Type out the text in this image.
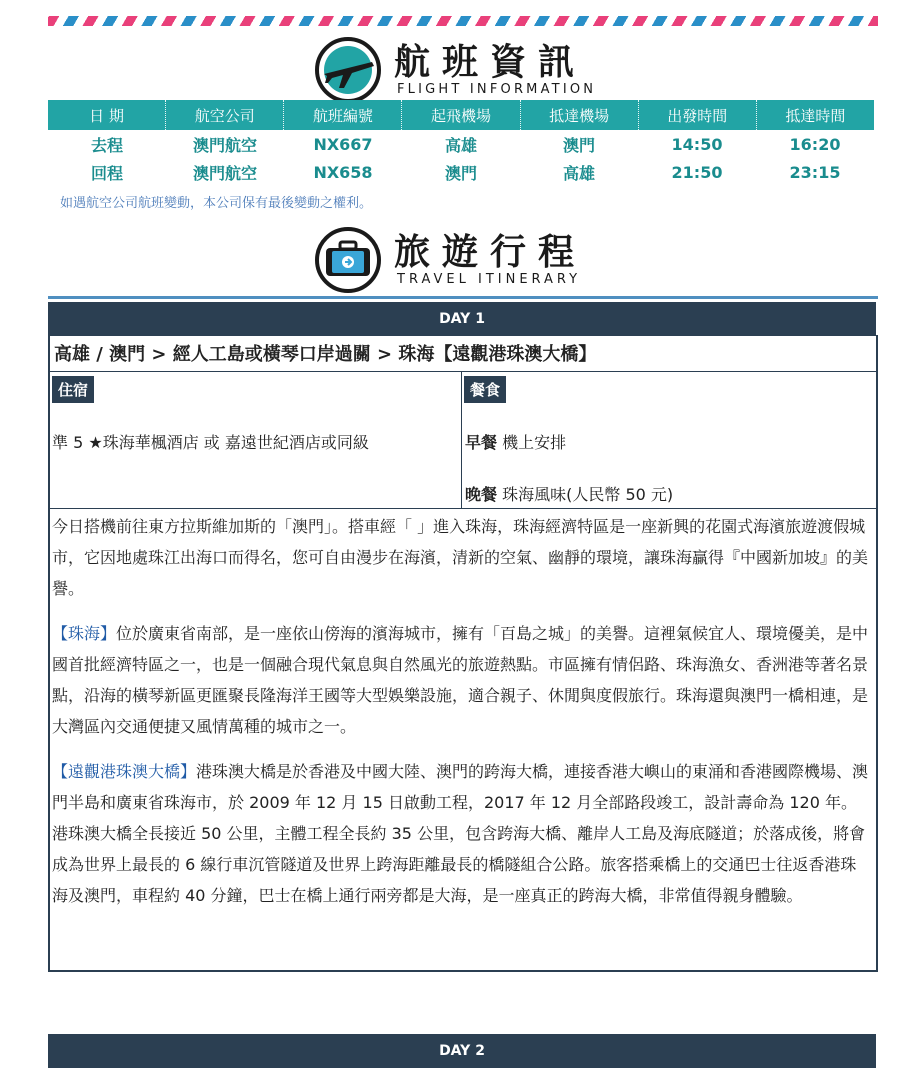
航班資訊
FLIGHT INFORMATION
日 期	航空公司	航班編號	起飛機場	抵達機場	出發時間	抵達時間
去程	澳門航空	NX667	高雄	澳門	14:50	16:20
回程	澳門航空	NX658	澳門	高雄	21:50	23:15
如遇航空公司航班變動，本公司保有最後變動之權利。
旅遊行程
TRAVEL ITINERARY
DAY 1
高雄 / 澳門 > 經人工島或橫琴口岸過關 > 珠海【遠觀港珠澳大橋】
住宿
準 5 ★珠海華楓酒店 或 嘉遠世紀酒店或同級
餐食
早餐 機上安排
晚餐 珠海風味(人民幣 50 元)

今日搭機前往東方拉斯維加斯的「澳門」。搭車經「 」進入珠海，珠海經濟特區是一座新興的花園式海濱旅遊渡假城市，它因地處珠江出海口而得名，您可自由漫步在海濱，清新的空氣、幽靜的環境，讓珠海贏得『中國新加坡』的美譽。

【珠海】位於廣東省南部，是一座依山傍海的濱海城市，擁有「百島之城」的美譽。這裡氣候宜人、環境優美，是中國首批經濟特區之一，也是一個融合現代氣息與自然風光的旅遊熱點。市區擁有情侶路、珠海漁女、香洲港等著名景點，沿海的橫琴新區更匯聚長隆海洋王國等大型娛樂設施，適合親子、休閒與度假旅行。珠海還與澳門一橋相連，是大灣區內交通便捷又風情萬種的城市之一。

【遠觀港珠澳大橋】港珠澳大橋是於香港及中國大陸、澳門的跨海大橋，連接香港大嶼山的東涌和香港國際機場、澳門半島和廣東省珠海市，於 2009 年 12 月 15 日啟動工程，2017 年 12 月全部路段竣工，設計壽命為 120 年。港珠澳大橋全長接近 50 公里，主體工程全長約 35 公里，包含跨海大橋、離岸人工島及海底隧道；於落成後，將會成為世界上最長的 6 線行車沉管隧道及世界上跨海距離最長的橋隧組合公路。旅客搭乘橋上的交通巴士往返香港珠海及澳門，車程約 40 分鐘，巴士在橋上通行兩旁都是大海，是一座真正的跨海大橋，非常值得親身體驗。

DAY 2
